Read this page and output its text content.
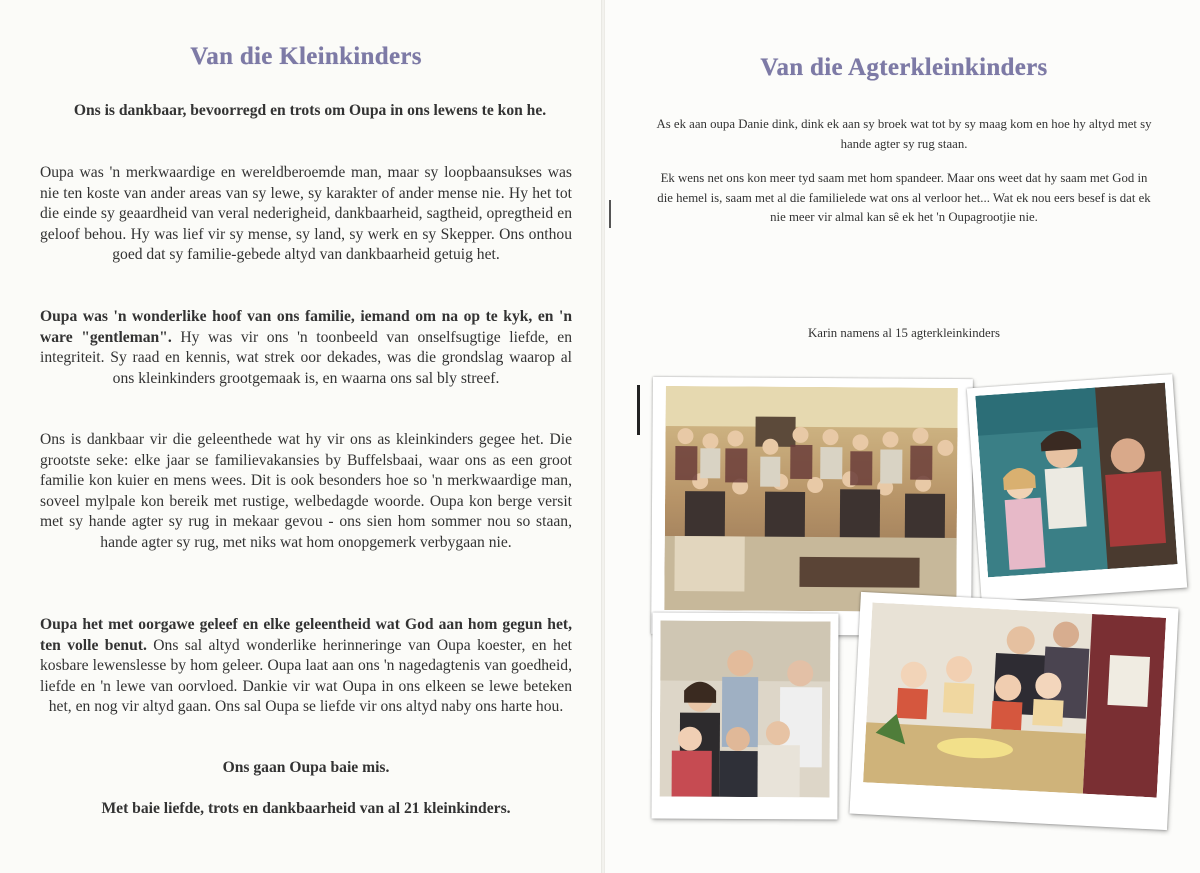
Van die Kleinkinders

Ons is dankbaar, bevoorregd en trots om Oupa in ons lewens te kon he.

Oupa was 'n merkwaardige en wereldberoemde man, maar sy loopbaansukses was nie ten koste van ander areas van sy lewe, sy karakter of ander mense nie. Hy het tot die einde sy geaardheid van veral nederigheid, dankbaarheid, sagtheid, opregtheid en geloof behou. Hy was lief vir sy mense, sy land, sy werk en sy Skepper. Ons onthou goed dat sy familie-gebede altyd van dankbaarheid getuig het.

Oupa was 'n wonderlike hoof van ons familie, iemand om na op te kyk, en 'n ware "gentleman". Hy was vir ons 'n toonbeeld van onselfsugtige liefde, en integriteit. Sy raad en kennis, wat strek oor dekades, was die grondslag waarop al ons kleinkinders grootgemaak is, en waarna ons sal bly streef.

Ons is dankbaar vir die geleenthede wat hy vir ons as kleinkinders gegee het. Die grootste seke: elke jaar se familievakansies by Buffelsbaai, waar ons as een groot familie kon kuier en mens wees. Dit is ook besonders hoe so 'n merkwaardige man, soveel mylpale kon bereik met rustige, welbedagde woorde. Oupa kon berge versit met sy hande agter sy rug in mekaar gevou - ons sien hom sommer nou so staan, hande agter sy rug, met niks wat hom onopgemerk verbygaan nie.

Oupa het met oorgawe geleef en elke geleentheid wat God aan hom gegun het, ten volle benut. Ons sal altyd wonderlike herinneringe van Oupa koester, en het kosbare lewenslesse by hom geleer. Oupa laat aan ons 'n nagedagtenis van goedheid, liefde en 'n lewe van oorvloed. Dankie vir wat Oupa in ons elkeen se lewe beteken het, en nog vir altyd gaan. Ons sal Oupa se liefde vir ons altyd naby ons harte hou.

Ons gaan Oupa baie mis.

Met baie liefde, trots en dankbaarheid van al 21 kleinkinders.

Van die Agterkleinkinders

As ek aan oupa Danie dink, dink ek aan sy broek wat tot by sy maag kom en hoe hy altyd met sy hande agter sy rug staan.

Ek wens net ons kon meer tyd saam met hom spandeer. Maar ons weet dat hy saam met God in die hemel is, saam met al die familielede wat ons al verloor het... Wat ek nou eers besef is dat ek nie meer vir almal kan sê ek het 'n Oupagrootjie nie.

Karin namens al 15 agterkleinkinders
